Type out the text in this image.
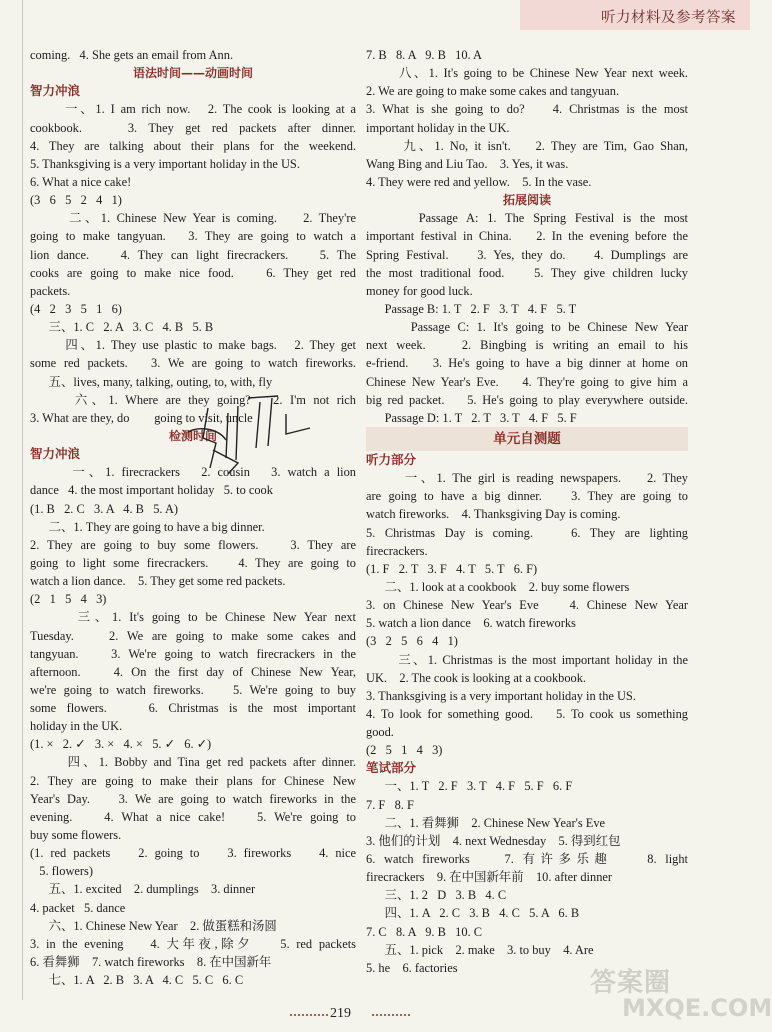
听力材料及参考答案
coming.   4. She gets an email from Ann.
语法时间——动画时间
智力冲浪
一、1. I am rich now.   2. The cook is looking at a
cookbook.    3. They get red packets after dinner.
4. They are talking about their plans for the weekend.
5. Thanksgiving is a very important holiday in the US.
6. What a nice cake!
(3   6   5   2   4   1)
二、1. Chinese New Year is coming.    2. They're
going to make tangyuan.   3. They are going to watch a
lion dance.    4. They can light firecrackers.    5. The
cooks are going to make nice food.    6. They get red
packets.
(4   2   3   5   1   6)
三、1. C   2. A   3. C   4. B   5. B
四、1. They use plastic to make bags.   2. They get
some red packets.   3. We are going to watch fireworks.
五、lives, many, talking, outing, to, with, fly
六、1. Where are they going?   2. I'm not rich
3. What are they, do        going to visit, uncle
检测时间
智力冲浪
一、1. firecrackers   2. cousin   3. watch a lion
dance   4. the most important holiday   5. to cook
(1. B   2. C   3. A   4. B   5. A)
二、1. They are going to have a big dinner.
2. They are going to buy some flowers.    3. They are
going to light some firecrackers.    4. They are going to
watch a lion dance.    5. They get some red packets.
(2   1   5   4   3)
三、1. It's going to be Chinese New Year next
Tuesday.    2. We are going to make some cakes and
tangyuan.    3. We're going to watch firecrackers in the
afternoon.    4. On the first day of Chinese New Year,
we're going to watch fireworks.    5. We're going to buy
some flowers.    6. Christmas is the most important
holiday in the UK.
(1. ×   2. ✓   3. ×   4. ×   5. ✓   6. ✓)
四、1. Bobby and Tina get red packets after dinner.
2. They are going to make their plans for Chinese New
Year's Day.    3. We are going to watch fireworks in the
evening.    4. What a nice cake!    5. We're going to
buy some flowers.
(1. red packets    2. going to    3. fireworks    4. nice
5. flowers)
五、1. excited    2. dumplings    3. dinner
4. packet   5. dance
六、1. Chinese New Year    2. 做蛋糕和汤圆
3. in the evening    4. 大年夜,除夕    5. red packets
6. 看舞狮    7. watch fireworks    8. 在中国新年
七、1. A   2. B   3. A   4. C   5. C   6. C
7. B   8. A   9. B   10. A
八、1. It's going to be Chinese New Year next week.
2. We are going to make some cakes and tangyuan.
3. What is she going to do?    4. Christmas is the most
important holiday in the UK.
九、1. No, it isn't.    2. They are Tim, Gao Shan,
Wang Bing and Liu Tao.    3. Yes, it was.
4. They were red and yellow.    5. In the vase.
拓展阅读
Passage A: 1. The Spring Festival is the most
important festival in China.    2. In the evening before the
Spring Festival.    3. Yes, they do.    4. Dumplings are
the most traditional food.    5. They give children lucky
money for good luck.
Passage B: 1. T   2. F   3. T   4. F   5. T
Passage C: 1. It's going to be Chinese New Year
next week.    2. Bingbing is writing an email to his
e-friend.    3. He's going to have a big dinner at home on
Chinese New Year's Eve.    4. They're going to give him a
big red packet.    5. He's going to play everywhere outside.
Passage D: 1. T   2. T   3. T   4. F   5. F
单元自测题
听力部分
一、1. The girl is reading newspapers.    2. They
are going to have a big dinner.    3. They are going to
watch fireworks.    4. Thanksgiving Day is coming.
5. Christmas Day is coming.    6. They are lighting
firecrackers.
(1. F   2. T   3. F   4. T   5. T   6. F)
二、1. look at a cookbook    2. buy some flowers
3. on Chinese New Year's Eve    4. Chinese New Year
5. watch a lion dance    6. watch fireworks
(3   2   5   6   4   1)
三、1. Christmas is the most important holiday in the
UK.    2. The cook is looking at a cookbook.
3. Thanksgiving is a very important holiday in the US.
4. To look for something good.    5. To cook us something
good.
(2   5   1   4   3)
笔试部分
一、1. T   2. F   3. T   4. F   5. F   6. F
7. F   8. F
二、1. 看舞狮    2. Chinese New Year's Eve
3. 他们的计划    4. next Wednesday    5. 得到红包
6. watch fireworks    7. 有许多乐趣    8. light
firecrackers    9. 在中国新年前    10. after dinner
三、1. 2   D   3. B   4. C
四、1. A   2. C   3. B   4. C   5. A   6. B
7. C   8. A   9. B   10. C
五、1. pick    2. make    3. to buy    4. Are
5. he    6. factories
219
答案圈
MXQE.COM
